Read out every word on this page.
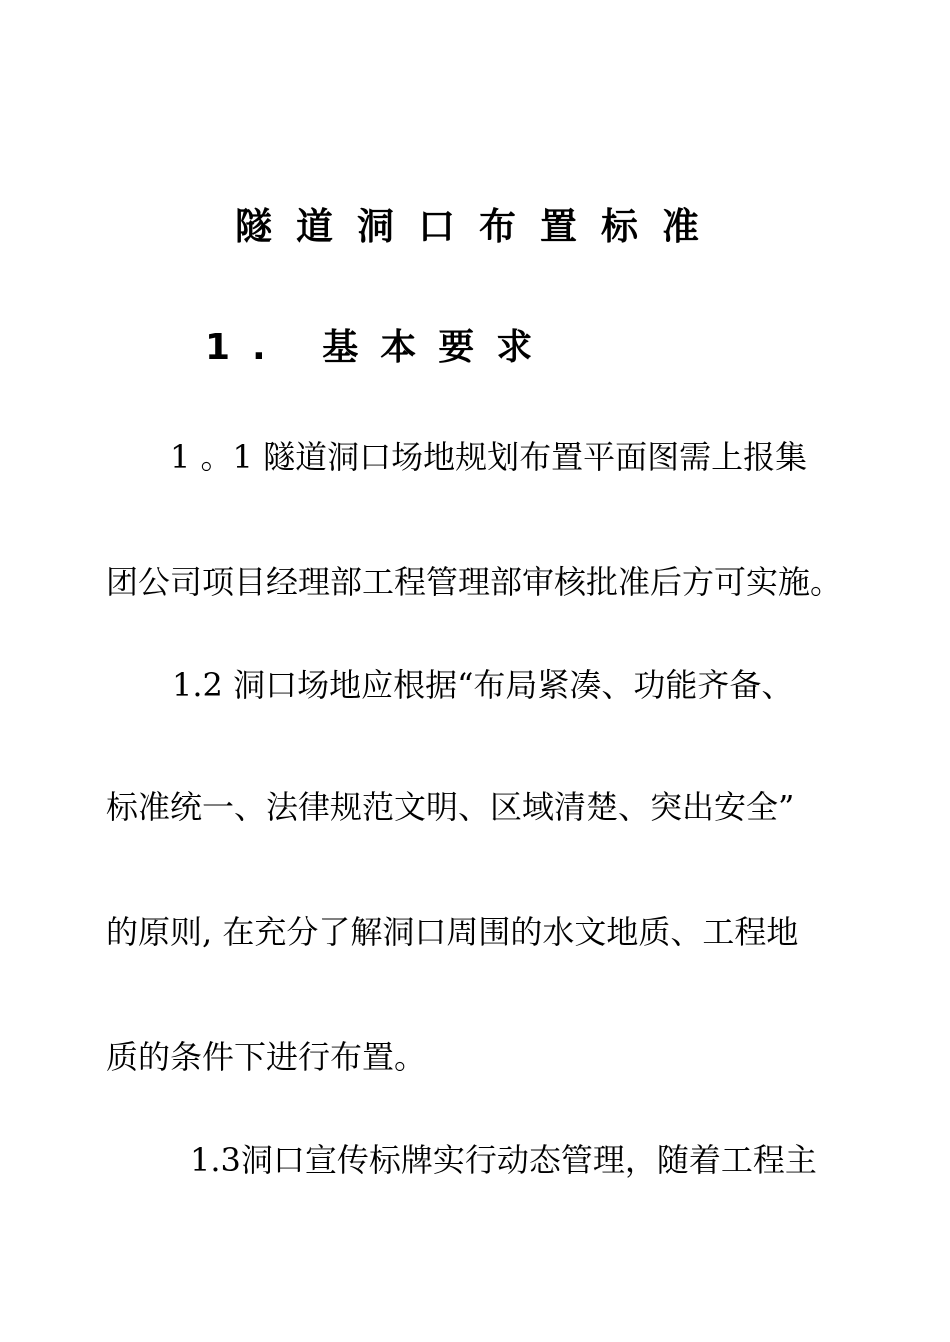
隧道洞口布置标准
1. 基本要求
1 。1 隧道洞口场地规划布置平面图需上报集
团公司项目经理部工程管理部审核批准后方可实施。
1.2 洞口场地应根据“布局紧凑、功能齐备、
标准统一、法律规范文明、区域清楚、突出安全”
的原则, 在充分了解洞口周围的水文地质、工程地
质的条件下进行布置。
1.3洞口宣传标牌实行动态管理，随着工程主
